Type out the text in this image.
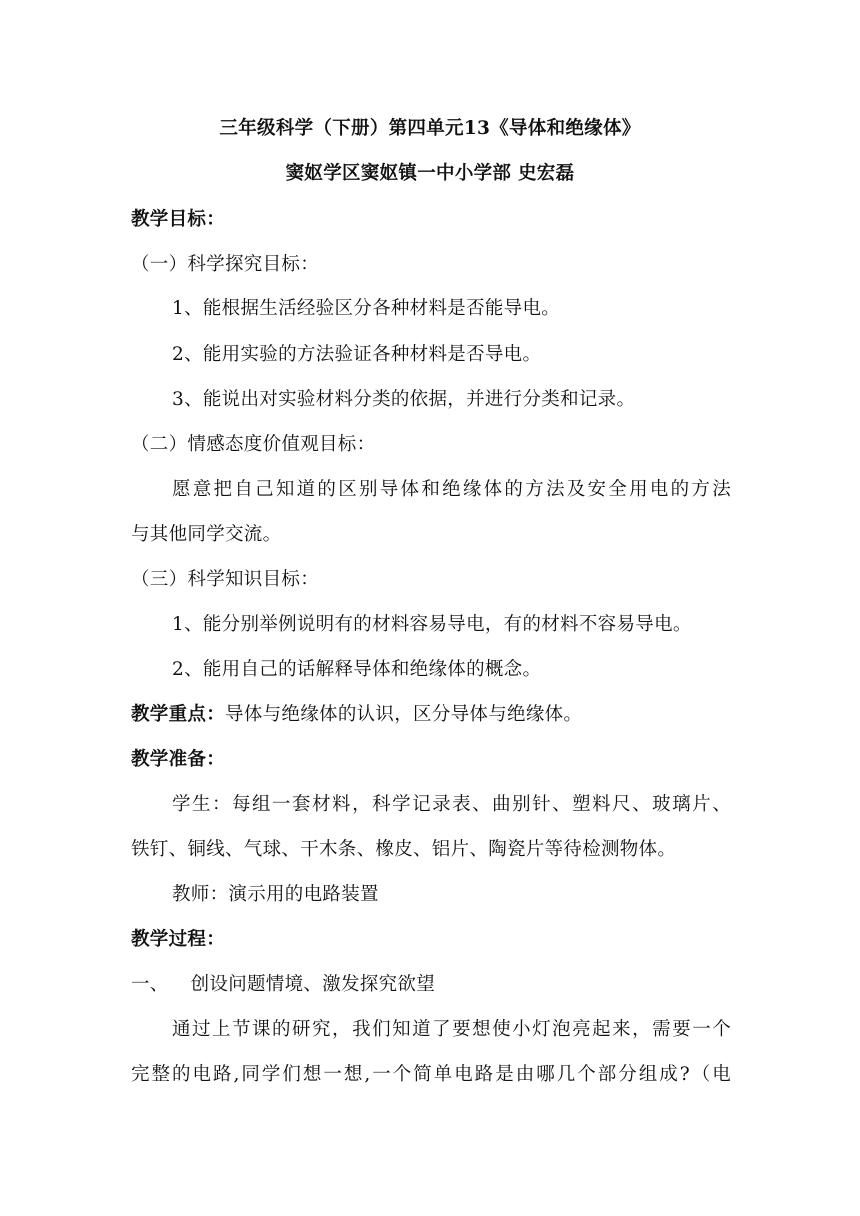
三年级科学（下册）第四单元13《导体和绝缘体》
窦妪学区窦妪镇一中小学部 史宏磊
教学目标：
（一）科学探究目标：
1、能根据生活经验区分各种材料是否能导电。
2、能用实验的方法验证各种材料是否导电。
3、能说出对实验材料分类的依据，并进行分类和记录。
（二）情感态度价值观目标：
愿意把自己知道的区别导体和绝缘体的方法及安全用电的方法
与其他同学交流。
（三）科学知识目标：
1、能分别举例说明有的材料容易导电，有的材料不容易导电。
2、能用自己的话解释导体和绝缘体的概念。
教学重点：导体与绝缘体的认识，区分导体与绝缘体。
教学准备：
学生：每组一套材料，科学记录表、曲别针、塑料尺、玻璃片、
铁钉、铜线、气球、干木条、橡皮、铝片、陶瓷片等待检测物体。
教师：演示用的电路装置
教学过程：
一、 创设问题情境、激发探究欲望
通过上节课的研究，我们知道了要想使小灯泡亮起来，需要一个
完整的电路,同学们想一想,一个简单电路是由哪几个部分组成?（电
